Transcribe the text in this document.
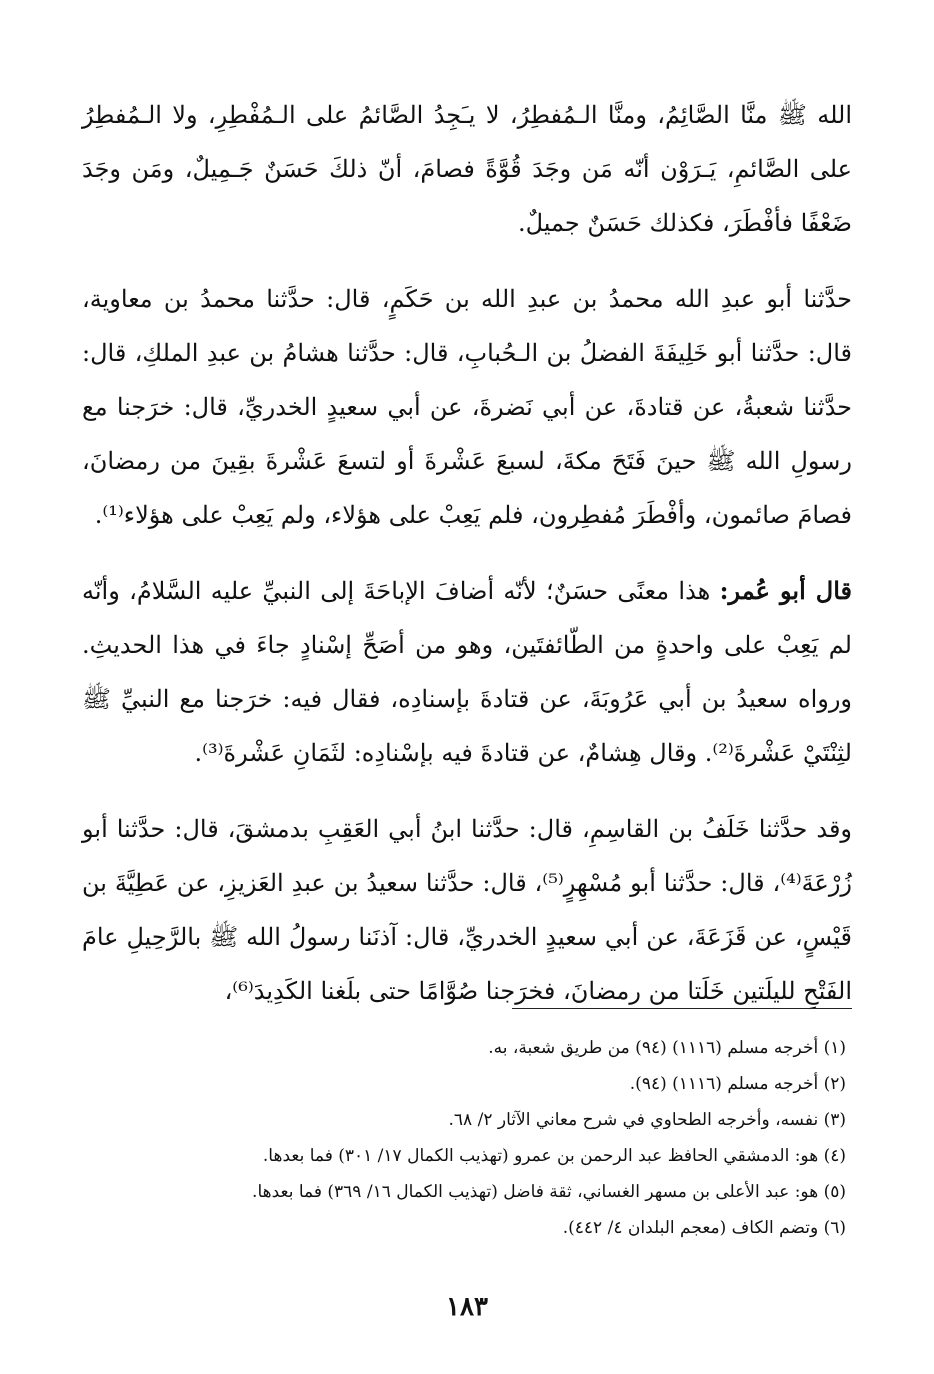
الله ﷺ منَّا الصَّائِمُ، ومنَّا الـمُفطِرُ، لا يـَجِدُ الصَّائمُ على الـمُفْطِرِ، ولا الـمُفطِرُ على الصَّائمِ، يَـرَوْن أنّه مَن وجَدَ قُوَّةً فصامَ، أنّ ذلكَ حَسَنٌ جَـمِيلٌ، ومَن وجَدَ ضَعْفًا فأفْطَرَ، فكذلك حَسَنٌ جميلٌ.

حدَّثنا أبو عبدِ الله محمدُ بن عبدِ الله بن حَكَمٍ، قال: حدَّثنا محمدُ بن معاوية، قال: حدَّثنا أبو خَلِيفَةَ الفضلُ بن الـحُبابِ، قال: حدَّثنا هشامُ بن عبدِ الملكِ، قال: حدَّثنا شعبةُ، عن قتادةَ، عن أبي نَضرةَ، عن أبي سعيدٍ الخدريِّ، قال: خرَجنا مع رسولِ الله ﷺ حينَ فَتَحَ مكةَ، لسبعَ عَشْرةَ أو لتسعَ عَشْرةَ بقِينَ من رمضانَ، فصامَ صائمون، وأفْطَرَ مُفطِرون، فلم يَعِبْ على هؤلاء، ولم يَعِبْ على هؤلاء⁽¹⁾.

قال أبو عُمر: هذا معنًى حسَنٌ؛ لأنّه أضافَ الإباحَةَ إلى النبيِّ عليه السَّلامُ، وأنّه لم يَعِبْ على واحدةٍ من الطّائفتَين، وهو من أصَحِّ إسْنادٍ جاءَ في هذا الحديثِ. ورواه سعيدُ بن أبي عَرُوبَةَ، عن قتادةَ بإسنادِه، فقال فيه: خرَجنا مع النبيِّ ﷺ لثِنْتَيْ عَشْرةَ⁽²⁾. وقال هِشامٌ، عن قتادةَ فيه بإسْنادِه: لثَمَانِ عَشْرةَ⁽³⁾.

وقد حدَّثنا خَلَفُ بن القاسِمِ، قال: حدَّثنا ابنُ أبي العَقِبِ بدمشقَ، قال: حدَّثنا أبو زُرْعَةَ⁽⁴⁾، قال: حدَّثنا أبو مُسْهِرٍ⁽⁵⁾، قال: حدَّثنا سعيدُ بن عبدِ العَزيزِ، عن عَطِيَّةَ بن قَيْسٍ، عن قَزَعَةَ، عن أبي سعيدٍ الخدريِّ، قال: آذنَنا رسولُ الله ﷺ بالرَّحِيلِ عامَ الفَتْحِ لليلَتين خَلَتا من رمضانَ، فخرَجنا صُوَّامًا حتى بلَغنا الكَدِيدَ⁽⁶⁾،

(١) أخرجه مسلم (١١١٦) (٩٤) من طريق شعبة، به.

(٢) أخرجه مسلم (١١١٦) (٩٤).

(٣) نفسه، وأخرجه الطحاوي في شرح معاني الآثار ٢/ ٦٨.

(٤) هو: الدمشقي الحافظ عبد الرحمن بن عمرو (تهذيب الكمال ١٧/ ٣٠١) فما بعدها.

(٥) هو: عبد الأعلى بن مسهر الغساني، ثقة فاضل (تهذيب الكمال ١٦/ ٣٦٩) فما بعدها.

(٦) وتضم الكاف (معجم البلدان ٤/ ٤٤٢).

١٨٣
